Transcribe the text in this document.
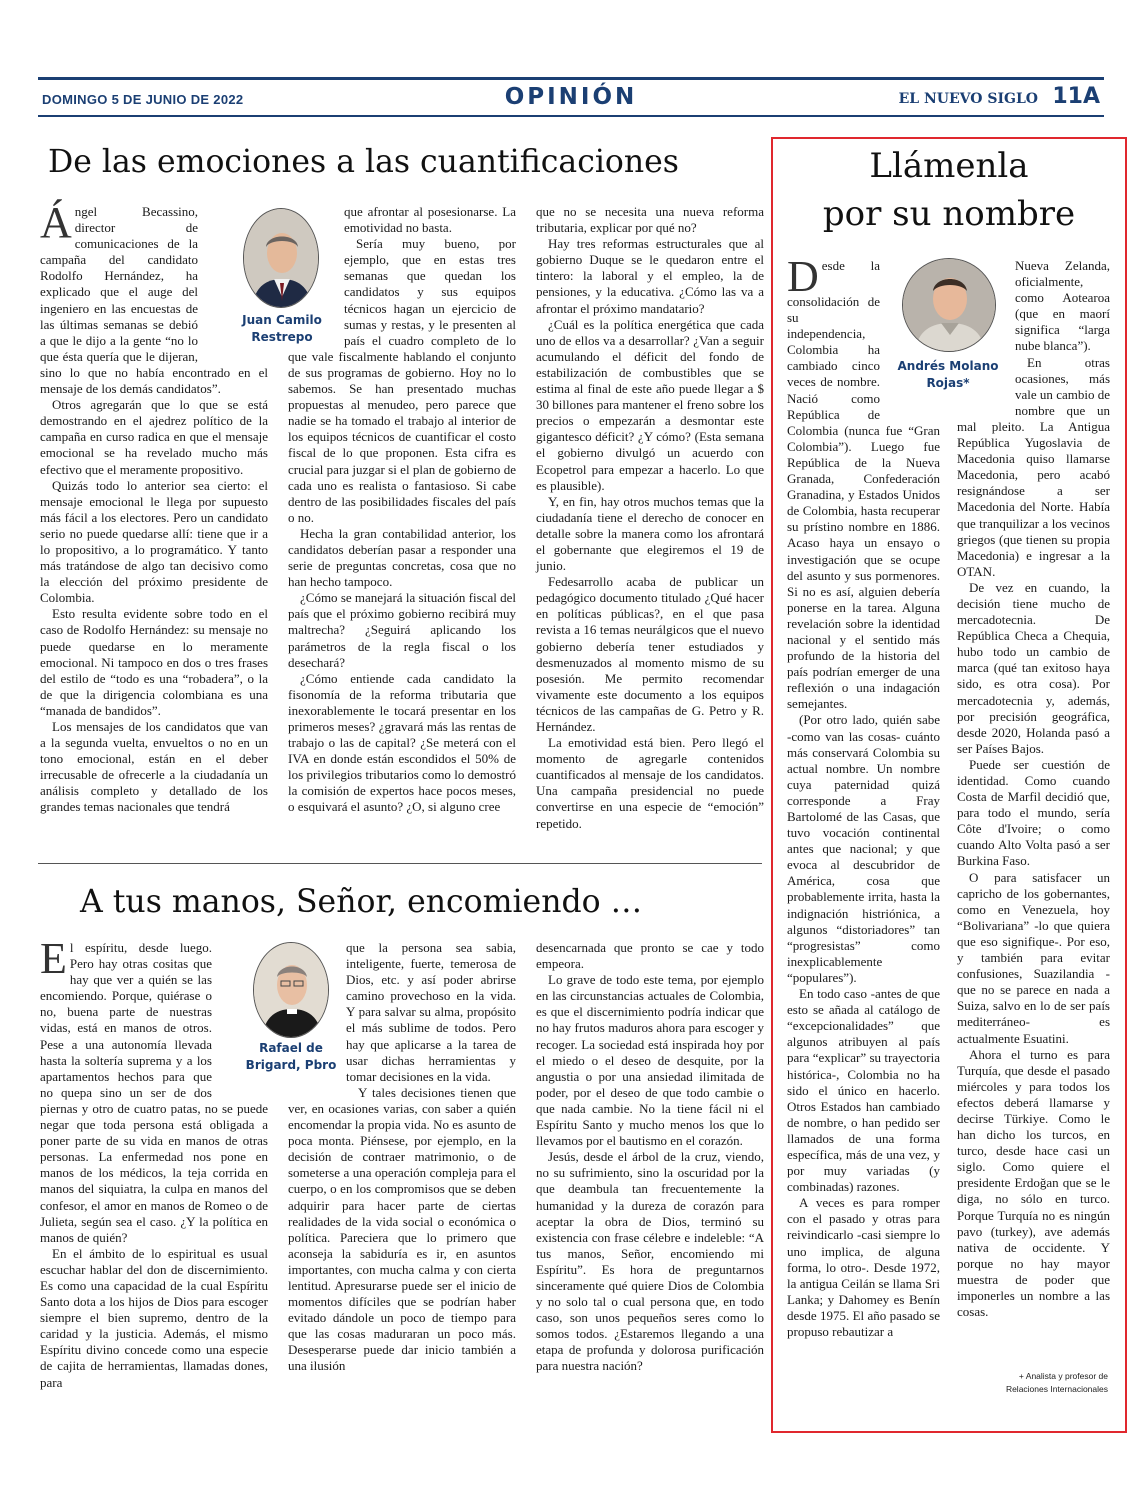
DOMINGO 5 DE JUNIO DE 2022	OPINIÓN	EL NUEVO SIGLO 11A
De las emociones a las cuantificaciones

Ángel Becassino, director de comunicaciones de la campaña del candidato Rodolfo Hernández, ha explicado que el auge del ingeniero en las encuestas de las últimas semanas se debió a que le dijo a la gente “no lo que ésta quería que le dijeran, sino lo que no había encontrado en el mensaje de los demás candidatos”.

Otros agregarán que lo que se está demostrando en el ajedrez político de la campaña en curso radica en que el mensaje emocional se ha revelado mucho más efectivo que el meramente propositivo.

Quizás todo lo anterior sea cierto: el mensaje emocional le llega por supuesto más fácil a los electores. Pero un candidato serio no puede quedarse allí: tiene que ir a lo propositivo, a lo programático. Y tanto más tratándose de algo tan decisivo como la elección del próximo presidente de Colombia.

Esto resulta evidente sobre todo en el caso de Rodolfo Hernández: su mensaje no puede quedarse en lo meramente emocional. Ni tampoco en dos o tres frases del estilo de “todo es una “robadera”, o la de que la dirigencia colombiana es una “manada de bandidos”.

Los mensajes de los candidatos que van a la segunda vuelta, envueltos o no en un tono emocional, están en el deber irrecusable de ofrecerle a la ciudadanía un análisis completo y detallado de los grandes temas nacionales que tendrá

que afrontar al posesionarse. La emotividad no basta.

Sería muy bueno, por ejemplo, que en estas tres semanas que quedan los candidatos y sus equipos técnicos hagan un ejercicio de sumas y restas, y le presenten al país el cuadro completo de lo que vale fiscalmente hablando el conjunto de sus programas de gobierno. Hoy no lo sabemos. Se han presentado muchas propuestas al menudeo, pero parece que nadie se ha tomado el trabajo al interior de los equipos técnicos de cuantificar el costo fiscal de lo que proponen. Esta cifra es crucial para juzgar si el plan de gobierno de cada uno es realista o fantasioso. Si cabe dentro de las posibilidades fiscales del país o no.

Hecha la gran contabilidad anterior, los candidatos deberían pasar a responder una serie de preguntas concretas, cosa que no han hecho tampoco.

¿Cómo se manejará la situación fiscal del país que el próximo gobierno recibirá muy maltrecha? ¿Seguirá aplicando los parámetros de la regla fiscal o los desechará?

¿Cómo entiende cada candidato la fisonomía de la reforma tributaria que inexorablemente le tocará presentar en los primeros meses? ¿gravará más las rentas de trabajo o las de capital? ¿Se meterá con el IVA en donde están escondidos el 50% de los privilegios tributarios como lo demostró la comisión de expertos hace pocos meses, o esquivará el asunto? ¿O, si alguno cree

que no se necesita una nueva reforma tributaria, explicar por qué no?

Hay tres reformas estructurales que al gobierno Duque se le quedaron entre el tintero: la laboral y el empleo, la de pensiones, y la educativa. ¿Cómo las va a afrontar el próximo mandatario?

¿Cuál es la política energética que cada uno de ellos va a desarrollar? ¿Van a seguir acumulando el déficit del fondo de estabilización de combustibles que se estima al final de este año puede llegar a $ 30 billones para mantener el freno sobre los precios o empezarán a desmontar este gigantesco déficit? ¿Y cómo? (Esta semana el gobierno divulgó un acuerdo con Ecopetrol para empezar a hacerlo. Lo que es plausible).

Y, en fin, hay otros muchos temas que la ciudadanía tiene el derecho de conocer en detalle sobre la manera como los afrontará el gobernante que elegiremos el 19 de junio.

Fedesarrollo acaba de publicar un pedagógico documento titulado ¿Qué hacer en políticas públicas?, en el que pasa revista a 16 temas neurálgicos que el nuevo gobierno debería tener estudiados y desmenuzados al momento mismo de su posesión. Me permito recomendar vivamente este documento a los equipos técnicos de las campañas de G. Petro y R. Hernández.

La emotividad está bien. Pero llegó el momento de agregarle contenidos cuantificados al mensaje de los candidatos. Una campaña presidencial no puede convertirse en una especie de “emoción” repetido.

Juan Camilo
Restrepo
A tus manos, Señor, encomiendo …

El espíritu, desde luego. Pero hay otras cositas que hay que ver a quién se las encomiendo. Porque, quiérase o no, buena parte de nuestras vidas, está en manos de otros. Pese a una autonomía llevada hasta la soltería suprema y a los apartamentos hechos para que no quepa sino un ser de dos piernas y otro de cuatro patas, no se puede negar que toda persona está obligada a poner parte de su vida en manos de otras personas. La enfermedad nos pone en manos de los médicos, la teja corrida en manos del siquiatra, la culpa en manos del confesor, el amor en manos de Romeo o de Julieta, según sea el caso. ¿Y la política en manos de quién?

En el ámbito de lo espiritual es usual escuchar hablar del don de discernimiento. Es como una capacidad de la cual Espíritu Santo dota a los hijos de Dios para escoger siempre el bien supremo, dentro de la caridad y la justicia. Además, el mismo Espíritu divino concede como una especie de cajita de herramientas, llamadas dones, para

que la persona sea sabia, inteligente, fuerte, temerosa de Dios, etc. y así poder abrirse camino provechoso en la vida. Y para salvar su alma, propósito el más sublime de todos. Pero hay que aplicarse a la tarea de usar dichas herramientas y tomar decisiones en la vida.

Y tales decisiones tienen que ver, en ocasiones varias, con saber a quién encomendar la propia vida. No es asunto de poca monta. Piénsese, por ejemplo, en la decisión de contraer matrimonio, o de someterse a una operación compleja para el cuerpo, o en los compromisos que se deben adquirir para hacer parte de ciertas realidades de la vida social o económica o política. Pareciera que lo primero que aconseja la sabiduría es ir, en asuntos importantes, con mucha calma y con cierta lentitud. Apresurarse puede ser el inicio de momentos difíciles que se podrían haber evitado dándole un poco de tiempo para que las cosas maduraran un poco más. Desesperarse puede dar inicio también a una ilusión

desencarnada que pronto se cae y todo empeora.

Lo grave de todo este tema, por ejemplo en las circunstancias actuales de Colombia, es que el discernimiento podría indicar que no hay frutos maduros ahora para escoger y recoger. La sociedad está inspirada hoy por el miedo o el deseo de desquite, por la angustia o por una ansiedad ilimitada de poder, por el deseo de que todo cambie o que nada cambie. No la tiene fácil ni el Espíritu Santo y mucho menos los que lo llevamos por el bautismo en el corazón.

Jesús, desde el árbol de la cruz, viendo, no su sufrimiento, sino la oscuridad por la que deambula tan frecuentemente la humanidad y la dureza de corazón para aceptar la obra de Dios, terminó su existencia con frase célebre e indeleble: “A tus manos, Señor, encomiendo mi Espíritu”. Es hora de preguntarnos sinceramente qué quiere Dios de Colombia y no solo tal o cual persona que, en todo caso, son unos pequeños seres como lo somos todos. ¿Estaremos llegando a una etapa de profunda y dolorosa purificación para nuestra nación?

Rafael de
Brigard, Pbro
Llámenla
por su nombre

Desde la consolidación de su independencia, Colombia ha cambiado cinco veces de nombre. Nació como República de Colombia (nunca fue “Gran Colombia”). Luego fue República de la Nueva Granada, Confederación Granadina, y Estados Unidos de Colombia, hasta recuperar su prístino nombre en 1886. Acaso haya un ensayo o investigación que se ocupe del asunto y sus pormenores. Si no es así, alguien debería ponerse en la tarea. Alguna revelación sobre la identidad nacional y el sentido más profundo de la historia del país podrían emerger de una reflexión o una indagación semejantes.

(Por otro lado, quién sabe -como van las cosas- cuánto más conservará Colombia su actual nombre. Un nombre cuya paternidad quizá corresponde a Fray Bartolomé de las Casas, que tuvo vocación continental antes que nacional; y que evoca al descubridor de América, cosa que probablemente irrita, hasta la indignación histriónica, a algunos “distoriadores” tan “progresistas” como inexplicablemente “populares”).

En todo caso -antes de que esto se añada al catálogo de “excepcionalidades” que algunos atribuyen al país para “explicar” su trayectoria histórica-, Colombia no ha sido el único en hacerlo. Otros Estados han cambiado de nombre, o han pedido ser llamados de una forma específica, más de una vez, y por muy variadas (y combinadas) razones.

A veces es para romper con el pasado y otras para reivindicarlo -casi siempre lo uno implica, de alguna forma, lo otro-. Desde 1972, la antigua Ceilán se llama Sri Lanka; y Dahomey es Benín desde 1975. El año pasado se propuso rebautizar a

Nueva Zelanda, oficialmente, como Aotearoa (que en maorí significa “larga nube blanca”).

En otras ocasiones, más vale un cambio de nombre que un mal pleito. La Antigua República Yugoslavia de Macedonia quiso llamarse Macedonia, pero acabó resignándose a ser Macedonia del Norte. Había que tranquilizar a los vecinos griegos (que tienen su propia Macedonia) e ingresar a la OTAN.

De vez en cuando, la decisión tiene mucho de mercadotecnia. De República Checa a Chequia, hubo todo un cambio de marca (qué tan exitoso haya sido, es otra cosa). Por mercadotecnia y, además, por precisión geográfica, desde 2020, Holanda pasó a ser Países Bajos.

Puede ser cuestión de identidad. Como cuando Costa de Marfil decidió que, para todo el mundo, sería Côte d'Ivoire; o como cuando Alto Volta pasó a ser Burkina Faso.

O para satisfacer un capricho de los gobernantes, como en Venezuela, hoy “Bolivariana” -lo que quiera que eso signifique-. Por eso, y también para evitar confusiones, Suazilandia -que no se parece en nada a Suiza, salvo en lo de ser país mediterráneo- es actualmente Esuatini.

Ahora el turno es para Turquía, que desde el pasado miércoles y para todos los efectos deberá llamarse y decirse Türkiye. Como le han dicho los turcos, en turco, desde hace casi un siglo. Como quiere el presidente Erdoğan que se le diga, no sólo en turco. Porque Turquía no es ningún pavo (turkey), ave además nativa de occidente. Y porque no hay mayor muestra de poder que imponerles un nombre a las cosas.

Andrés Molano
Rojas*
+ Analista y profesor de
Relaciones Internacionales
